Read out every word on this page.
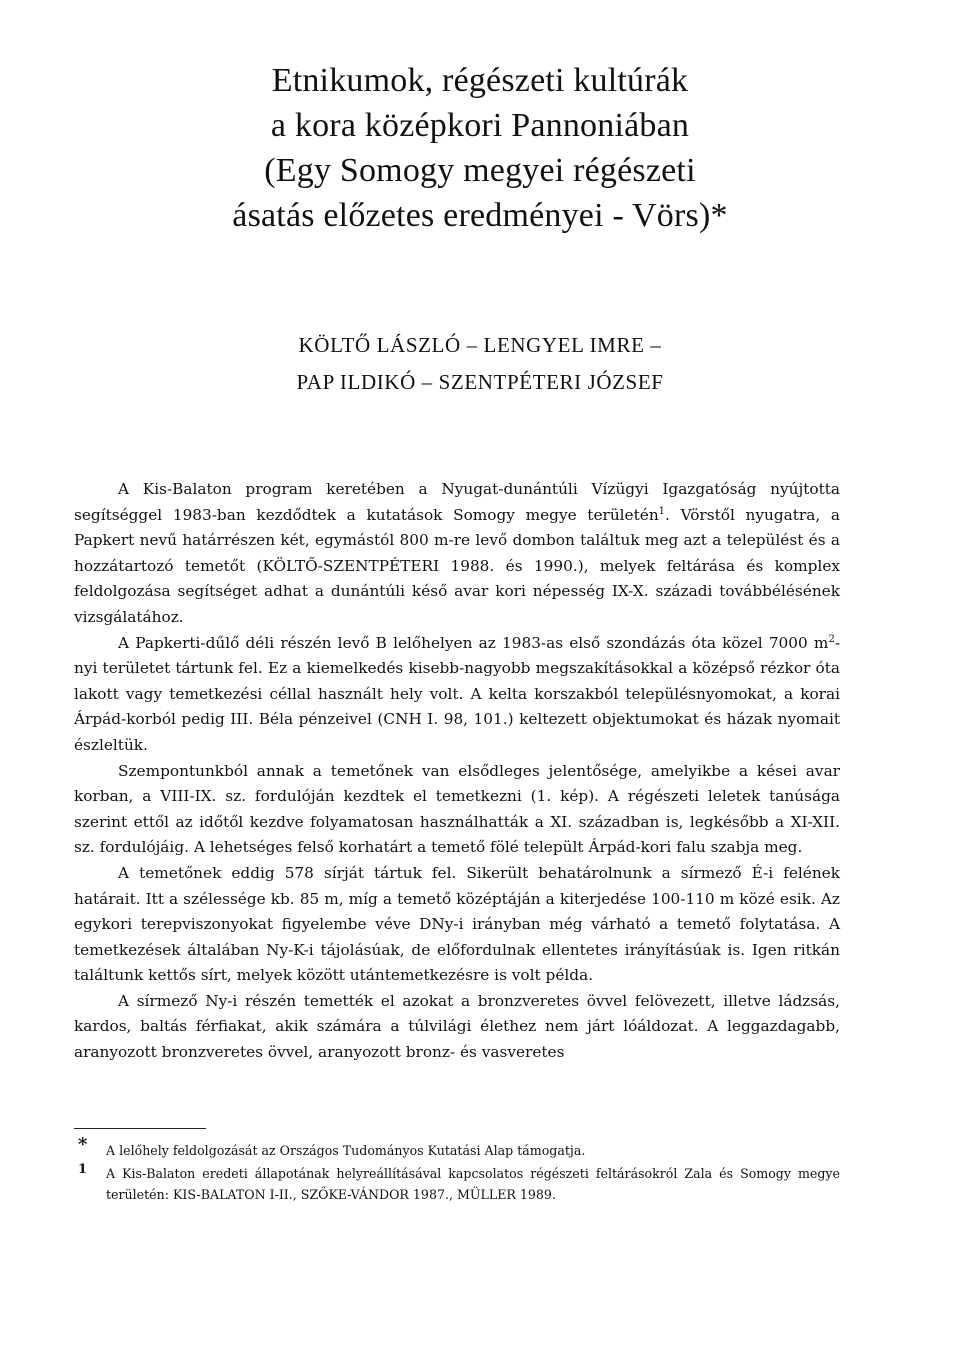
Etnikumok, régészeti kultúrák
a kora középkori Pannoniában
(Egy Somogy megyei régészeti
ásatás előzetes eredményei - Vörs)*
KÖLTŐ LÁSZLÓ – LENGYEL IMRE –
PAP ILDIKÓ – SZENTPÉTERI JÓZSEF

A Kis-Balaton program keretében a Nyugat-dunántúli Vízügyi Igazgatóság nyújtotta segítséggel 1983-ban kezdődtek a kutatások Somogy megye területén$^1$. Vörstől nyugatra, a Papkert nevű határrészen két, egymástól 800 m-re levő dombon találtuk meg azt a települést és a hozzátartozó temetőt (KÖLTŐ-SZENTPÉTERI 1988. és 1990.), melyek feltárása és komplex feldolgozása segítséget adhat a dunántúli késő avar kori népesség IX-X. századi továbbélésének vizsgálatához.

A Papkerti-dűlő déli részén levő B lelőhelyen az 1983-as első szondázás óta közel 7000 $m^2$-nyi területet tártunk fel. Ez a kiemelkedés kisebb-nagyobb megszakításokkal a középső rézkor óta lakott vagy temetkezési céllal használt hely volt. A kelta korszakból településnyomokat, a korai Árpád-korból pedig III. Béla pénzeivel (CNH I. 98, 101.) keltezett objektumokat és házak nyomait észleltük.

Szempontunkból annak a temetőnek van elsődleges jelentősége, amelyikbe a kései avar korban, a VIII-IX. sz. fordulóján kezdtek el temetkezni (1. kép). A régészeti leletek tanúsága szerint ettől az időtől kezdve folyamatosan használhatták a XI. században is, legkésőbb a XI-XII. sz. fordulójáig. A lehetséges felső korhatárt a temető fölé települt Árpád-kori falu szabja meg.

A temetőnek eddig 578 sírját tártuk fel. Sikerült behatárolnunk a sírmező É-i felének határait. Itt a szélessége kb. 85 m, míg a temető középtáján a kiterjedése 100-110 m közé esik. Az egykori terepviszonyokat figyelembe véve DNy-i irányban még várható a temető folytatása. A temetkezések általában Ny-K-i tájolásúak, de előfordulnak ellentetes irányításúak is. Igen ritkán találtunk kettős sírt, melyek között utántemetkezésre is volt példa.

A sírmező Ny-i részén temették el azokat a bronzveretes övvel felövezett, illetve ládzsás, kardos, baltás férfiakat, akik számára a túlvilági élethez nem járt lóáldozat. A leggazdagabb, aranyozott bronzveretes övvel, aranyozott bronz- és vasveretes

* A lelőhely feldolgozását az Országos Tudományos Kutatási Alap támogatja.
1 A Kis-Balaton eredeti állapotának helyreállításával kapcsolatos régészeti feltárásokról Zala és Somogy megye területén: KIS-BALATON I-II., SZŐKE-VÁNDOR 1987., MÜLLER 1989.
